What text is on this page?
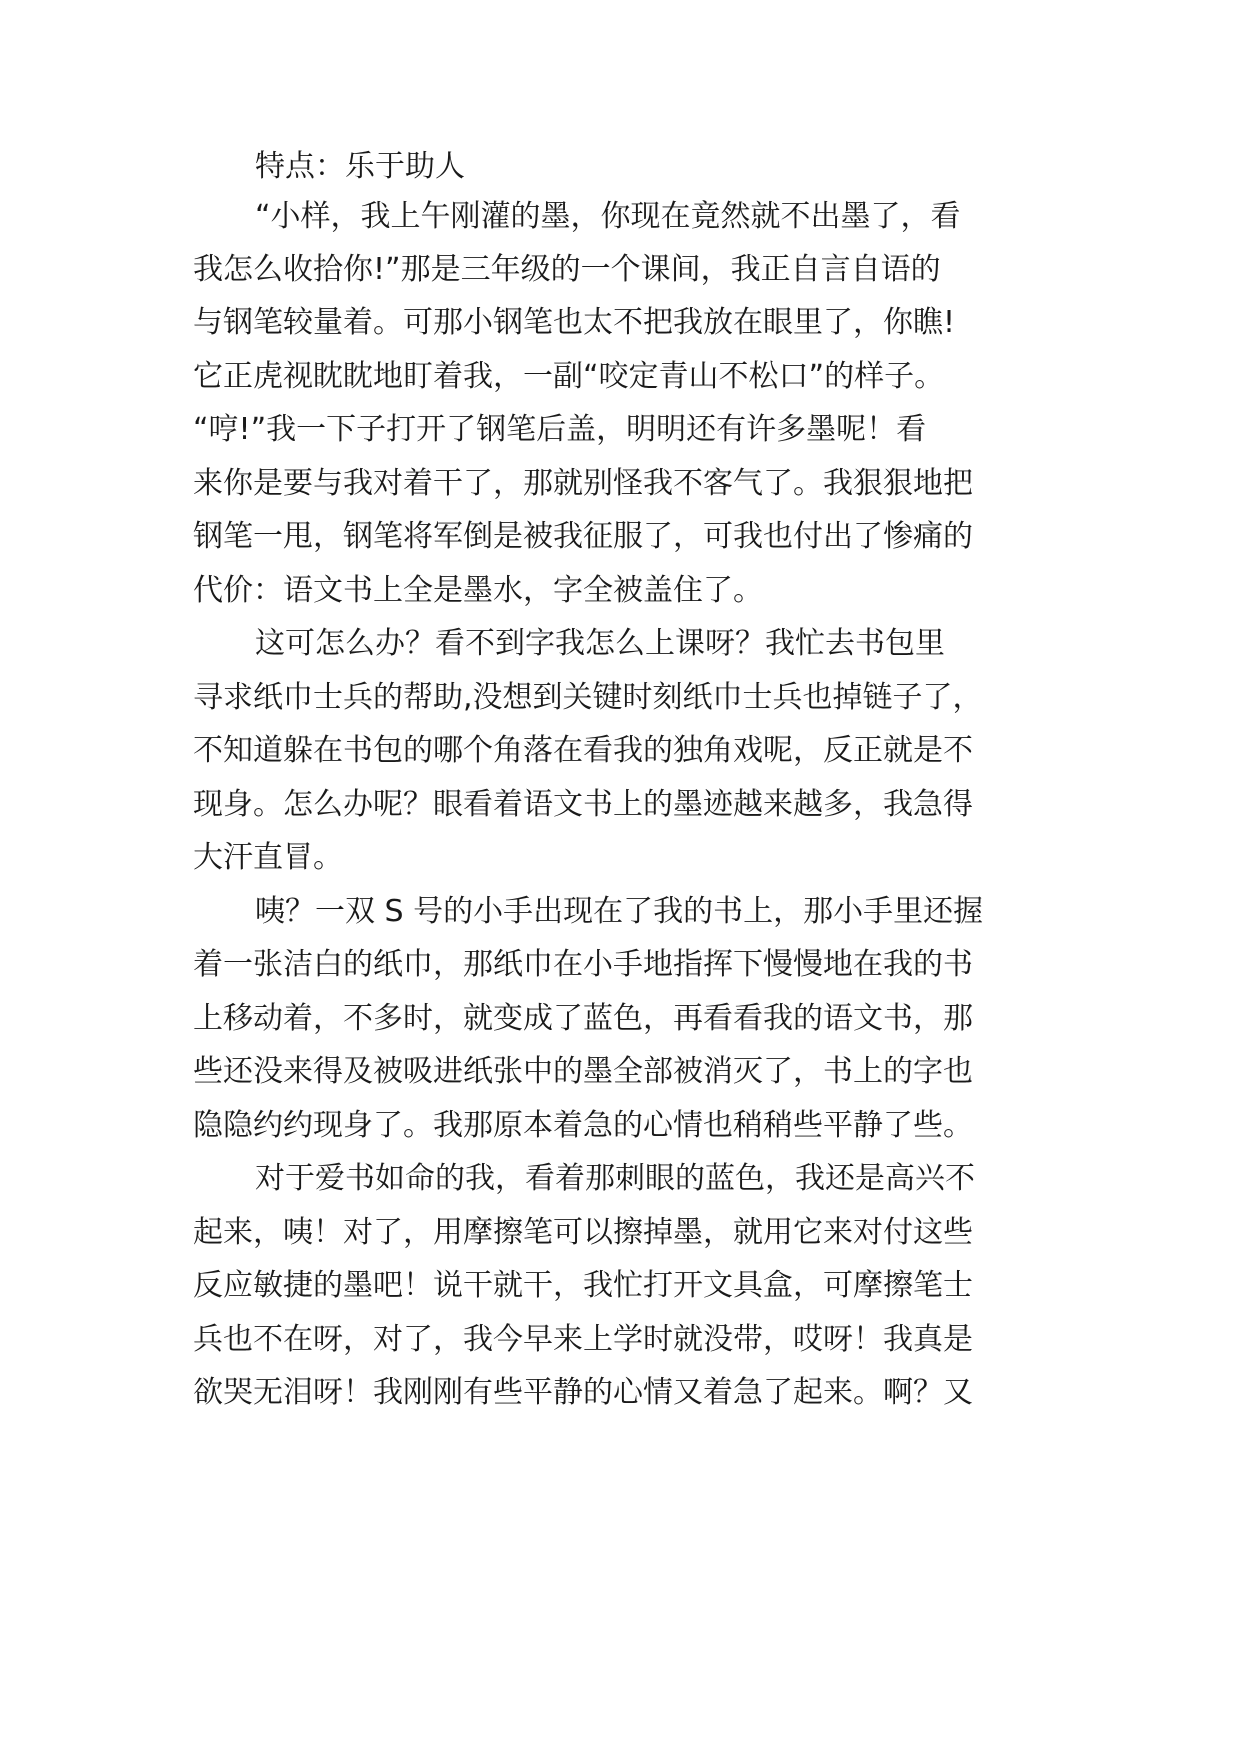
特点：乐于助人
“小样，我上午刚灌的墨，你现在竟然就不出墨了，看
我怎么收拾你!”那是三年级的一个课间，我正自言自语的
与钢笔较量着。可那小钢笔也太不把我放在眼里了，你瞧!
它正虎视眈眈地盯着我，一副“咬定青山不松口”的样子。
“哼!”我一下子打开了钢笔后盖，明明还有许多墨呢！看
来你是要与我对着干了，那就别怪我不客气了。我狠狠地把
钢笔一甩，钢笔将军倒是被我征服了，可我也付出了惨痛的
代价：语文书上全是墨水，字全被盖住了。
这可怎么办？看不到字我怎么上课呀？我忙去书包里
寻求纸巾士兵的帮助,没想到关键时刻纸巾士兵也掉链子了，
不知道躲在书包的哪个角落在看我的独角戏呢，反正就是不
现身。怎么办呢？眼看着语文书上的墨迹越来越多，我急得
大汗直冒。
咦？一双 S 号的小手出现在了我的书上，那小手里还握
着一张洁白的纸巾，那纸巾在小手地指挥下慢慢地在我的书
上移动着，不多时，就变成了蓝色，再看看我的语文书，那
些还没来得及被吸进纸张中的墨全部被消灭了，书上的字也
隐隐约约现身了。我那原本着急的心情也稍稍些平静了些。
对于爱书如命的我，看着那刺眼的蓝色，我还是高兴不
起来，咦！对了，用摩擦笔可以擦掉墨，就用它来对付这些
反应敏捷的墨吧！说干就干，我忙打开文具盒，可摩擦笔士
兵也不在呀，对了，我今早来上学时就没带，哎呀！我真是
欲哭无泪呀！我刚刚有些平静的心情又着急了起来。啊？又
